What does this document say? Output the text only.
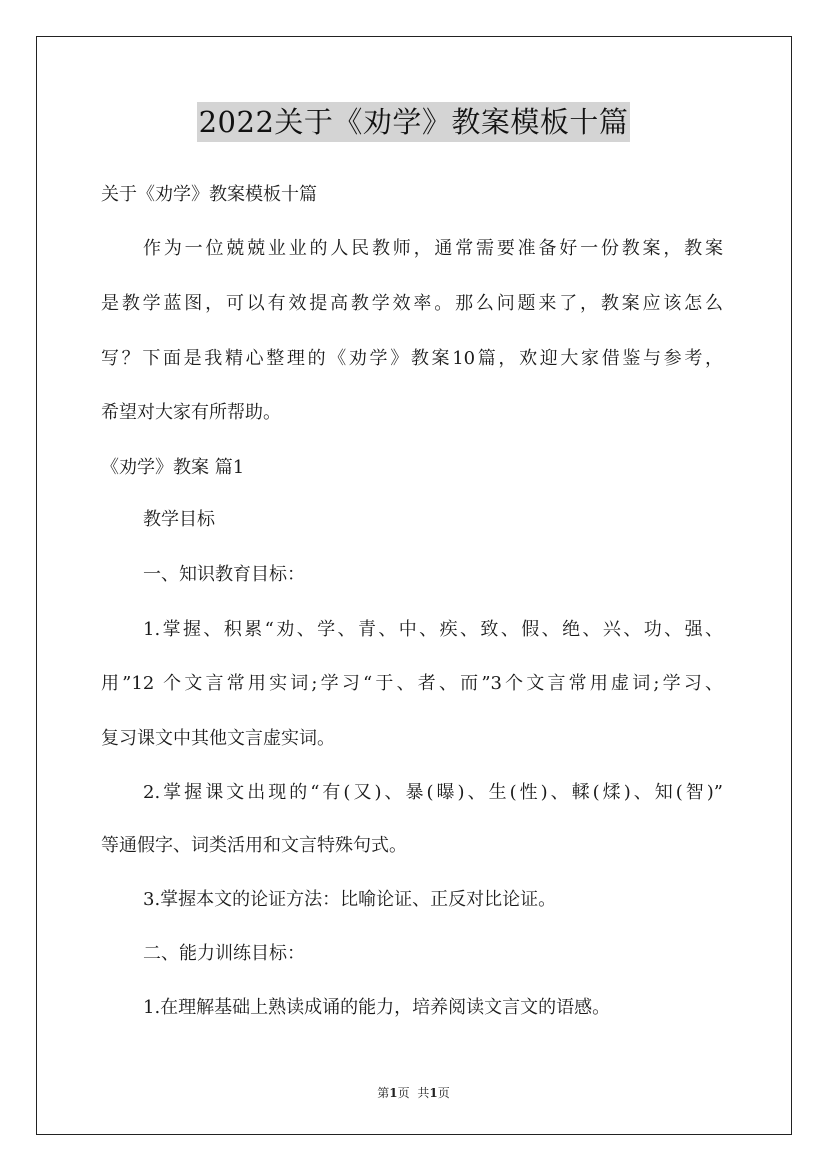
2022关于《劝学》教案模板十篇
关于《劝学》教案模板十篇
作为一位兢兢业业的人民教师，通常需要准备好一份教案，教案
是教学蓝图，可以有效提高教学效率。那么问题来了，教案应该怎么
写？下面是我精心整理的《劝学》教案10篇，欢迎大家借鉴与参考，
希望对大家有所帮助。
《劝学》教案 篇1
教学目标
一、知识教育目标：
1.掌握、积累“劝、学、青、中、疾、致、假、绝、兴、功、强、
用”12 个文言常用实词;学习“于、者、而”3个文言常用虚词;学习、
复习课文中其他文言虚实词。
2.掌握课文出现的“有(又)、暴(曝)、生(性)、輮(煣)、知(智)”
等通假字、词类活用和文言特殊句式。
3.掌握本文的论证方法：比喻论证、正反对比论证。
二、能力训练目标：
1.在理解基础上熟读成诵的能力，培养阅读文言文的语感。
第1页 共1页
